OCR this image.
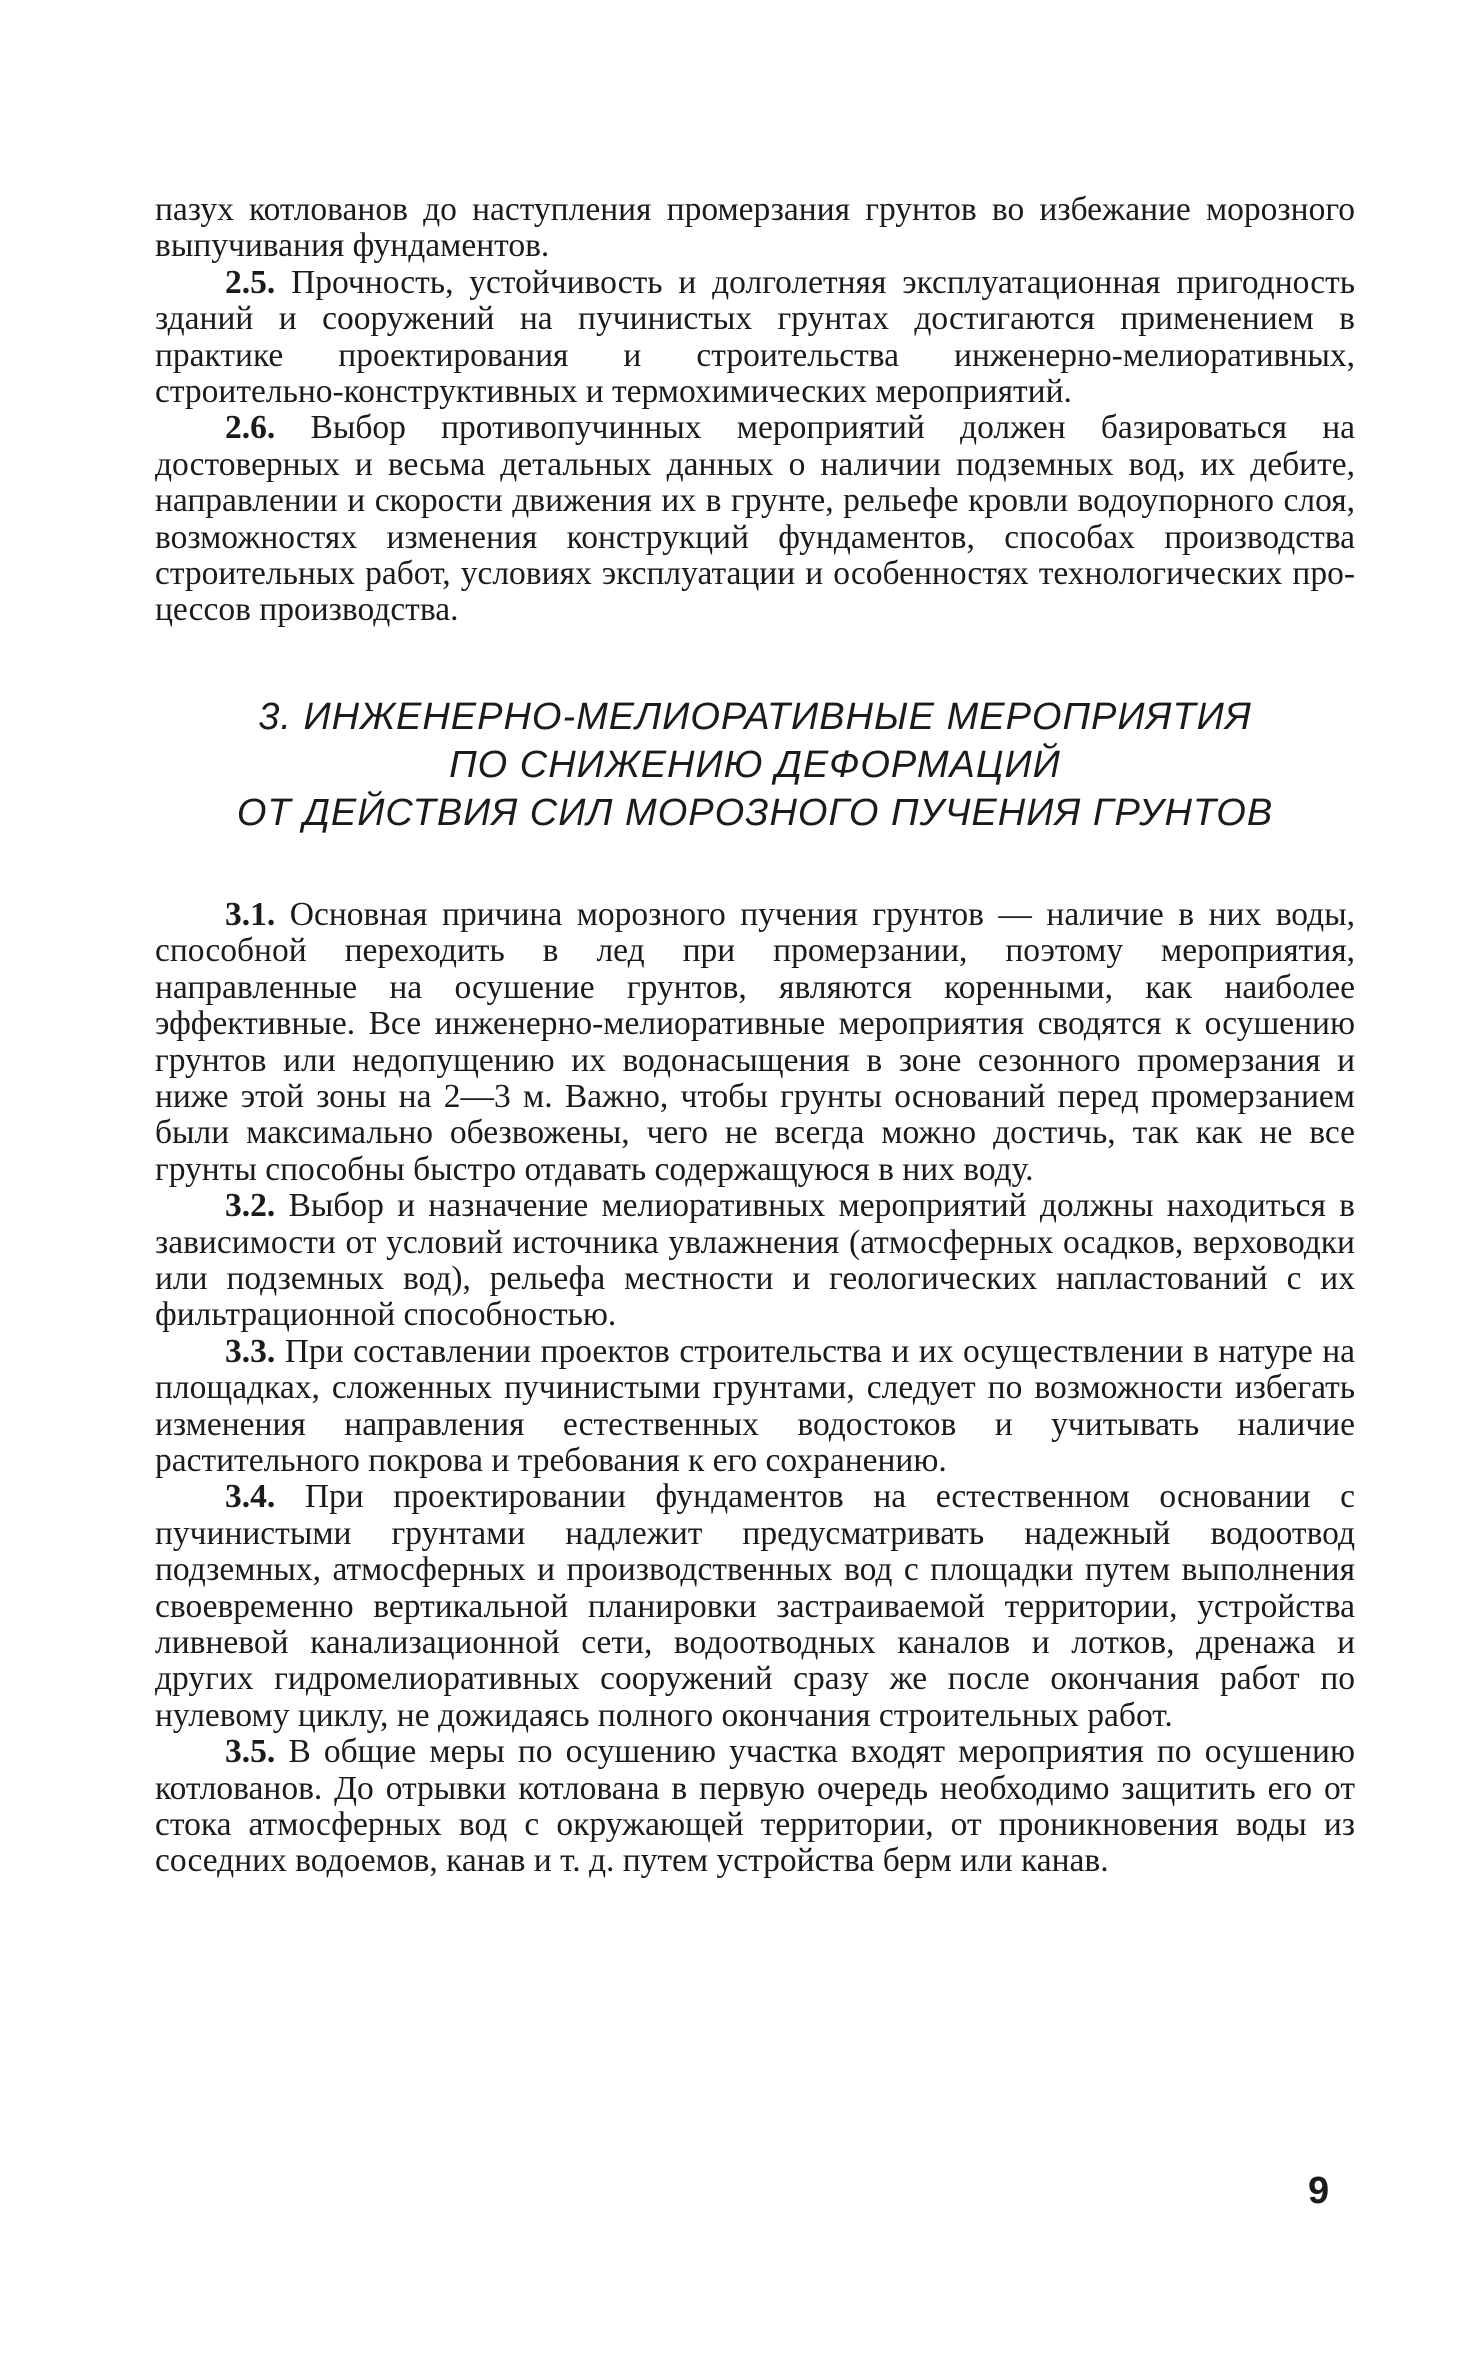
пазух котлованов до наступления промерзания грунтов во избежание морозного выпучивания фундаментов.

2.5. Прочность, устойчивость и долголетняя эксплуатационная пригодность зданий и сооружений на пучинистых грунтах достигаются применением в практике проектирования и строительства инженерно-мелиоративных, строительно-конструктивных и термохимических мероприятий.

2.6. Выбор противопучинных мероприятий должен базироваться на достоверных и весьма детальных данных о наличии подземных вод, их дебите, направлении и скорости движения их в грунте, рельефе кровли водоупорного слоя, возможностях изменения конструкций фундаментов, способах производства строительных работ, условиях эксплуатации и особенностях технологических процессов производства.

3. ИНЖЕНЕРНО-МЕЛИОРАТИВНЫЕ МЕРОПРИЯТИЯ

ПО СНИЖЕНИЮ ДЕФОРМАЦИЙ

ОТ ДЕЙСТВИЯ СИЛ МОРОЗНОГО ПУЧЕНИЯ ГРУНТОВ

3.1. Основная причина морозного пучения грунтов — наличие в них воды, способной переходить в лед при промерзании, поэтому мероприятия, направленные на осушение грунтов, являются коренными, как наиболее эффективные. Все инженерно-мелиоративные мероприятия сводятся к осушению грунтов или недопущению их водонасыщения в зоне сезонного промерзания и ниже этой зоны на 2—3 м. Важно, чтобы грунты оснований перед промерзанием были максимально обезвожены, чего не всегда можно достичь, так как не все грунты способны быстро отдавать содержащуюся в них воду.

3.2. Выбор и назначение мелиоративных мероприятий должны находиться в зависимости от условий источника увлажнения (атмосферных осадков, верховодки или подземных вод), рельефа местности и геологических напластований с их фильтрационной способностью.

3.3. При составлении проектов строительства и их осуществлении в натуре на площадках, сложенных пучинистыми грунтами, следует по возможности избегать изменения направления естественных водостоков и учитывать наличие растительного покрова и требования к его сохранению.

3.4. При проектировании фундаментов на естественном основании с пучинистыми грунтами надлежит предусматривать надежный водоотвод подземных, атмосферных и производственных вод с площадки путем выполнения своевременно вертикальной планировки застраиваемой территории, устройства ливневой канализационной сети, водоотводных каналов и лотков, дренажа и других гидромелиоративных сооружений сразу же после окончания работ по нулевому циклу, не дожидаясь полного окончания строительных работ.

3.5. В общие меры по осушению участка входят мероприятия по осушению котлованов. До отрывки котлована в первую очередь необходимо защитить его от стока атмосферных вод с окружающей территории, от проникновения воды из соседних водоемов, канав и т. д. путем устройства берм или канав.

9
